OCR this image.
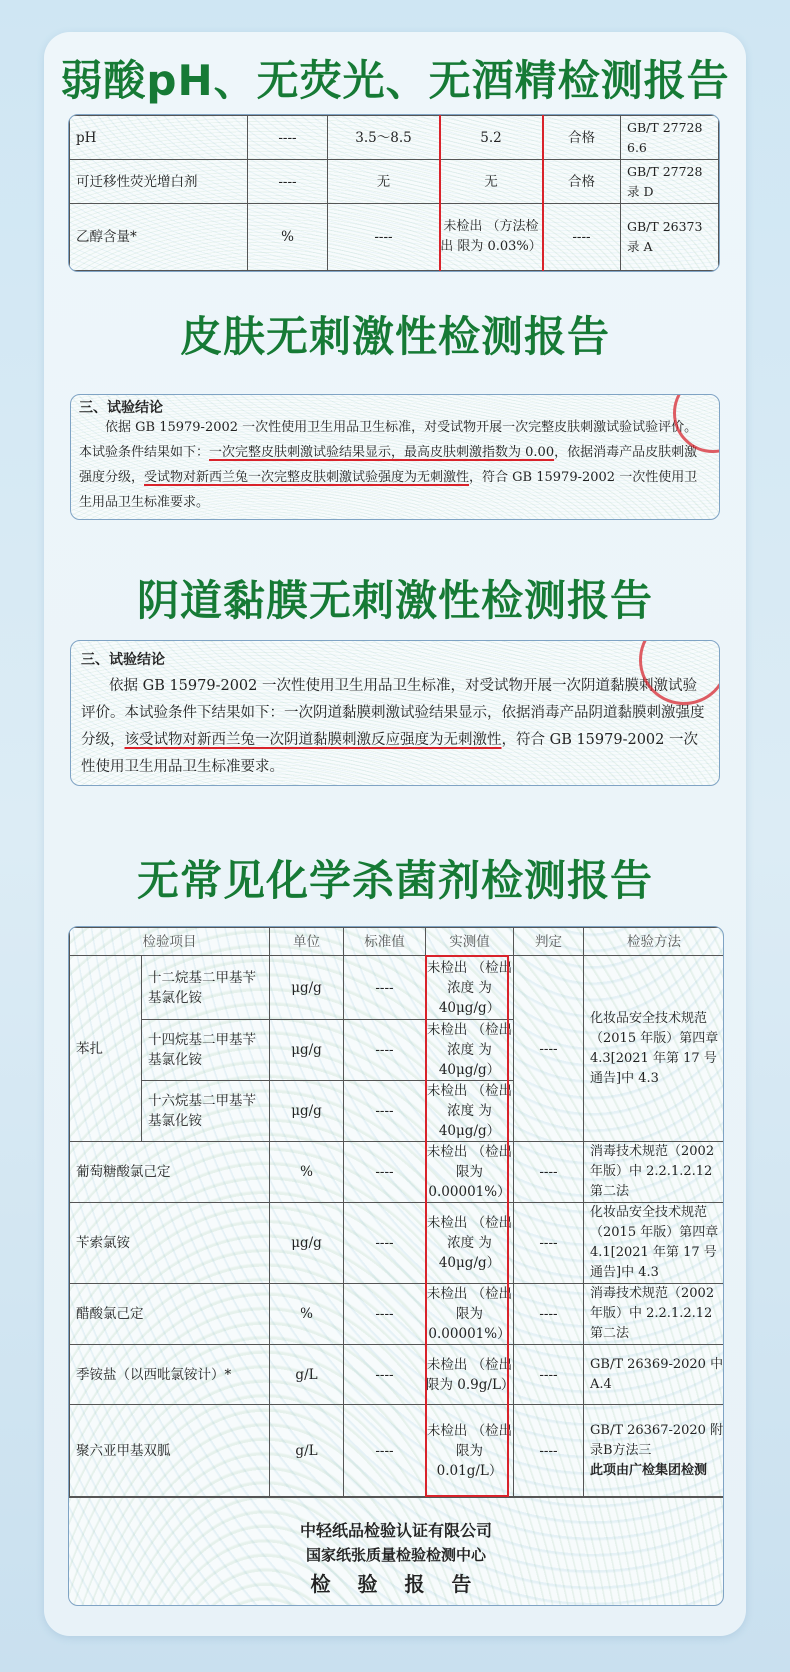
弱酸pH、无荧光、无酒精检测报告
pH	----	3.5～8.5	5.2	合格	GB/T 27728 6.6
可迁移性荧光增白剂	----	无	无	合格	GB/T 27728 录 D
乙醇含量*	%	----	未检出 （方法检出 限为 0.03%）	----	GB/T 26373 录 A
皮肤无刺激性检测报告
三、试验结论
依据 GB 15979-2002 一次性使用卫生用品卫生标准，对受试物开展一次完整皮肤刺激试验试验评价。本试验条件结果如下：一次完整皮肤刺激试验结果显示，最高皮肤刺激指数为 0.00，依据消毒产品皮肤刺激强度分级，受试物对新西兰兔一次完整皮肤刺激试验强度为无刺激性，符合 GB 15979-2002 一次性使用卫生用品卫生标准要求。
阴道黏膜无刺激性检测报告
三、试验结论
依据 GB 15979-2002 一次性使用卫生用品卫生标准，对受试物开展一次阴道黏膜刺激试验评价。本试验条件下结果如下：一次阴道黏膜刺激试验结果显示，依据消毒产品阴道黏膜刺激强度分级，该受试物对新西兰兔一次阴道黏膜刺激反应强度为无刺激性，符合 GB 15979-2002 一次性使用卫生用品卫生标准要求。
无常见化学杀菌剂检测报告
检验项目		单位	标准值	实测值	判定	检验方法
苯扎	十二烷基二甲基苄基氯化铵	μg/g	----	未检出 （检出浓度 为 40μg/g）	----	化妆品安全技术规范（2015 年版）第四章 4.3[2021 年第 17 号通告]中 4.3
	十四烷基二甲基苄基氯化铵	μg/g	----	未检出 （检出浓度 为 40μg/g）		
	十六烷基二甲基苄基氯化铵	μg/g	----	未检出 （检出浓度 为 40μg/g）		
葡萄糖酸氯己定		%	----	未检出 （检出限为 0.00001%）	----	消毒技术规范（2002 年版）中 2.2.1.2.12 第二法
苄索氯铵		μg/g	----	未检出 （检出浓度 为 40μg/g）	----	化妆品安全技术规范（2015 年版）第四章 4.1[2021 年第 17 号通告]中 4.3
醋酸氯己定		%	----	未检出 （检出限为 0.00001%）	----	消毒技术规范（2002 年版）中 2.2.1.2.12 第二法
季铵盐（以西吡氯铵计）*		g/L	----	未检出 （检出限为 0.9g/L）	----	GB/T 26369-2020 中 A.4
聚六亚甲基双胍		g/L	----	未检出 （检出限为 0.01g/L）	----	GB/T 26367-2020 附录B方法三
此项由广检集团检测
中轻纸品检验认证有限公司
国家纸张质量检验检测中心
检 验 报 告
